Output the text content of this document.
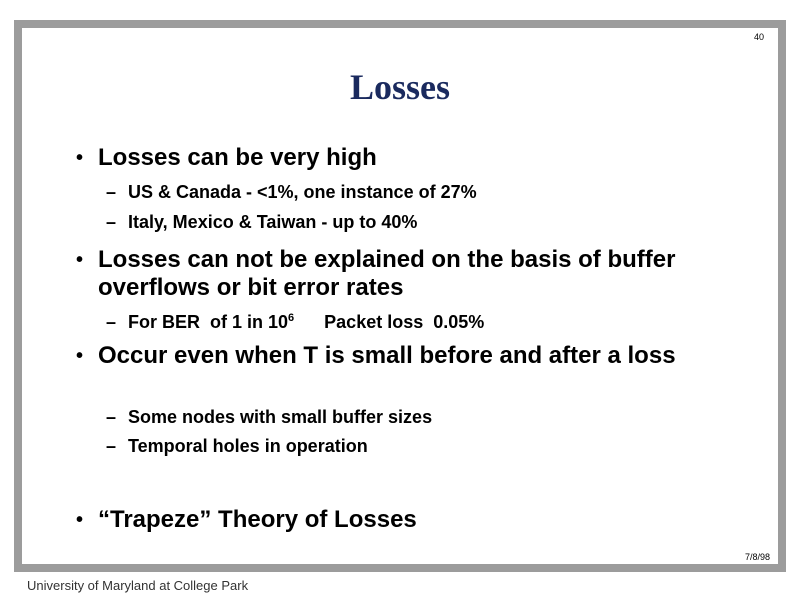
40
Losses
7/8/98
• Losses can be very high
– US & Canada - <1%, one instance of 27%
– Italy, Mexico & Taiwan - up to 40%
• Losses can not be explained on the basis of buffer overflows or bit error rates
– For BER  of 1 in $10^6$      Packet loss  0.05%
• Occur even when T is small before and after a loss
– Some nodes with small buffer sizes
– Temporal holes in operation
• “Trapeze” Theory of Losses
University of Maryland at College Park
